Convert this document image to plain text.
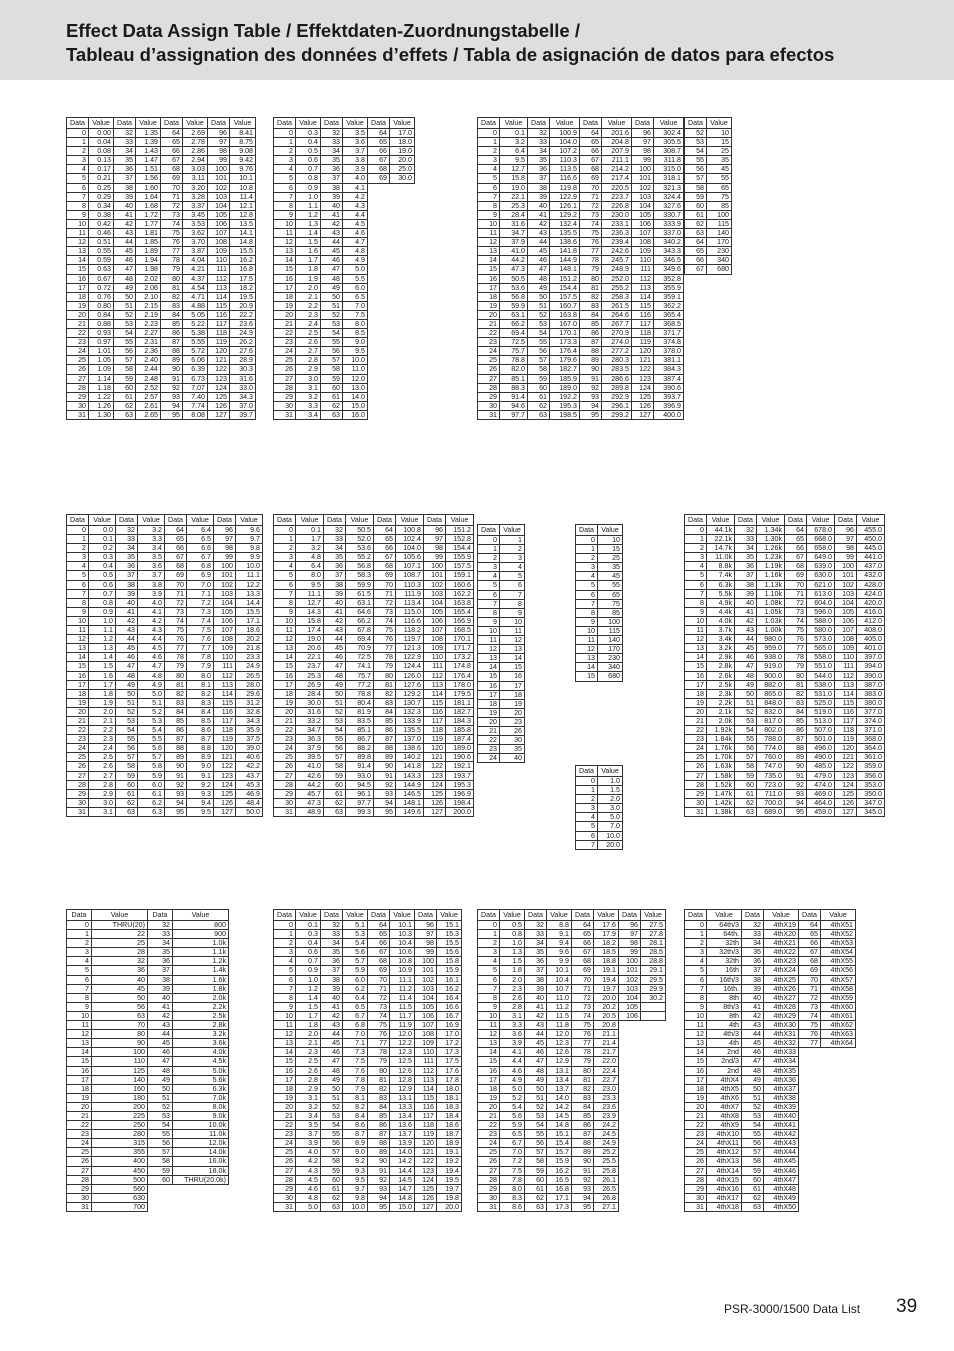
Effect Data Assign Table / Effektdaten-Zuordnungstabelle /
Tableau d’assignation des données d’effets / Tabla de asignación de datos para efectos
Data	Value	Data	Value	Data	Value	Data	Value
0	0.00	32	1.35	64	2.69	96	8.41
1	0.04	33	1.39	65	2.78	97	8.75
2	0.08	34	1.43	66	2.86	98	9.08
3	0.13	35	1.47	67	2.94	99	9.42
4	0.17	36	1.51	68	3.03	100	9.76
5	0.21	37	1.56	69	3.11	101	10.1
6	0.25	38	1.60	70	3.20	102	10.8
7	0.29	39	1.64	71	3.28	103	11.4
8	0.34	40	1.68	72	3.37	104	12.1
9	0.38	41	1.72	73	3.45	105	12.8
10	0.42	42	1.77	74	3.53	106	13.5
11	0.46	43	1.81	75	3.62	107	14.1
12	0.51	44	1.85	76	3.70	108	14.8
13	0.55	45	1.89	77	3.87	109	15.5
14	0.59	46	1.94	78	4.04	110	16.2
15	0.63	47	1.98	79	4.21	111	16.8
16	0.67	48	2.02	80	4.37	112	17.5
17	0.72	49	2.06	81	4.54	113	18.2
18	0.76	50	2.10	82	4.71	114	19.5
19	0.80	51	2.15	83	4.88	115	20.9
20	0.84	52	2.19	84	5.05	116	22.2
21	0.88	53	2.23	85	5.22	117	23.6
22	0.93	54	2.27	86	5.38	118	24.9
23	0.97	55	2.31	87	5.55	119	26.2
24	1.01	56	2.36	88	5.72	120	27.6
25	1.05	57	2.40	89	6.06	121	28.9
26	1.09	58	2.44	90	6.39	122	30.3
27	1.14	59	2.48	91	6.73	123	31.6
28	1.18	60	2.52	92	7.07	124	33.0
29	1.22	61	2.57	93	7.40	125	34.3
30	1.26	62	2.61	94	7.74	126	37.0
31	1.30	63	2.65	95	8.08	127	39.7
Data	Value	Data	Value	Data	Value
0	0.3	32	3.5	64	17.0
1	0.4	33	3.6	65	18.0
2	0.5	34	3.7	66	19.0
3	0.6	35	3.8	67	20.0
4	0.7	36	3.9	68	25.0
5	0.8	37	4.0	69	30.0
6	0.9	38	4.1		
7	1.0	39	4.2		
8	1.1	40	4.3		
9	1.2	41	4.4		
10	1.3	42	4.5		
11	1.4	43	4.6		
12	1.5	44	4.7		
13	1.6	45	4.8		
14	1.7	46	4.9		
15	1.8	47	5.0		
16	1.9	48	5.5		
17	2.0	49	6.0		
18	2.1	50	6.5		
19	2.2	51	7.0		
20	2.3	52	7.5		
21	2.4	53	8.0		
22	2.5	54	8.5		
23	2.6	55	9.0		
24	2.7	56	9.5		
25	2.8	57	10.0		
26	2.9	58	11.0		
27	3.0	59	12.0		
28	3.1	60	13.0		
29	3.2	61	14.0		
30	3.3	62	15.0		
31	3.4	63	16.0		
Data	Value	Data	Value	Data	Value	Data	Value
0	0.1	32	100.9	64	201.6	96	302.4
1	3.2	33	104.0	65	204.8	97	305.5
2	6.4	34	107.2	66	207.9	98	308.7
3	9.5	35	110.3	67	211.1	99	311.8
4	12.7	36	113.5	68	214.2	100	315.0
5	15.8	37	116.6	69	217.4	101	318.1
6	19.0	38	119.8	70	220.5	102	321.3
7	22.1	39	122.9	71	223.7	103	324.4
8	25.3	40	126.1	72	226.8	104	327.6
9	28.4	41	129.2	73	230.0	105	330.7
10	31.6	42	132.4	74	233.1	106	333.9
11	34.7	43	135.5	75	236.3	107	337.0
12	37.9	44	138.6	76	239.4	108	340.2
13	41.0	45	141.8	77	242.6	109	343.3
14	44.2	46	144.9	78	245.7	110	346.5
15	47.3	47	148.1	79	248.9	111	349.6
16	50.5	48	151.2	80	252.0	112	352.8
17	53.6	49	154.4	81	255.2	113	355.9
18	56.8	50	157.5	82	258.3	114	359.1
19	59.9	51	160.7	83	261.5	115	362.2
20	63.1	52	163.8	84	264.6	116	365.4
21	66.2	53	167.0	85	267.7	117	368.5
22	69.4	54	170.1	86	270.9	118	371.7
23	72.5	55	173.3	87	274.0	119	374.8
24	75.7	56	176.4	88	277.2	120	378.0
25	78.8	57	179.6	89	280.3	121	381.1
26	82.0	58	182.7	90	283.5	122	384.3
27	85.1	59	185.9	91	286.6	123	387.4
28	88.3	60	189.0	92	289.8	124	390.6
29	91.4	61	192.2	93	292.9	125	393.7
30	94.6	62	195.3	94	296.1	126	396.9
31	97.7	63	198.5	95	299.2	127	400.0
Data	Value
52	10
53	15
54	25
55	35
56	45
57	55
58	65
59	75
60	85
61	100
62	115
63	140
64	170
65	230
66	340
67	680
Data	Value	Data	Value	Data	Value	Data	Value
0	0.0	32	3.2	64	6.4	96	9.6
1	0.1	33	3.3	65	6.5	97	9.7
2	0.2	34	3.4	66	6.6	98	9.8
3	0.3	35	3.5	67	6.7	99	9.9
4	0.4	36	3.6	68	6.8	100	10.0
5	0.5	37	3.7	69	6.9	101	11.1
6	0.6	38	3.8	70	7.0	102	12.2
7	0.7	39	3.9	71	7.1	103	13.3
8	0.8	40	4.0	72	7.2	104	14.4
9	0.9	41	4.1	73	7.3	105	15.5
10	1.0	42	4.2	74	7.4	106	17.1
11	1.1	43	4.3	75	7.5	107	18.6
12	1.2	44	4.4	76	7.6	108	20.2
13	1.3	45	4.5	77	7.7	109	21.8
14	1.4	46	4.6	78	7.8	110	23.3
15	1.5	47	4.7	79	7.9	111	24.9
16	1.6	48	4.8	80	8.0	112	26.5
17	1.7	49	4.9	81	8.1	113	28.0
18	1.8	50	5.0	82	8.2	114	29.6
19	1.9	51	5.1	83	8.3	115	31.2
20	2.0	52	5.2	84	8.4	116	32.8
21	2.1	53	5.3	85	8.5	117	34.3
22	2.2	54	5.4	86	8.6	118	35.9
23	2.3	55	5.5	87	8.7	119	37.5
24	2.4	56	5.6	88	8.8	120	39.0
25	2.5	57	5.7	89	8.9	121	40.6
26	2.6	58	5.8	90	9.0	122	42.2
27	2.7	59	5.9	91	9.1	123	43.7
28	2.8	60	6.0	92	9.2	124	45.3
29	2.9	61	6.1	93	9.3	125	46.9
30	3.0	62	6.2	94	9.4	126	48.4
31	3.1	63	6.3	95	9.5	127	50.0
Data	Value	Data	Value	Data	Value	Data	Value
0	0.1	32	50.5	64	100.8	96	151.2
1	1.7	33	52.0	65	102.4	97	152.8
2	3.2	34	53.6	66	104.0	98	154.4
3	4.8	35	55.2	67	105.6	99	155.9
4	6.4	36	56.8	68	107.1	100	157.5
5	8.0	37	58.3	69	108.7	101	159.1
6	9.5	38	59.9	70	110.3	102	160.6
7	11.1	39	61.5	71	111.9	103	162.2
8	12.7	40	63.1	72	113.4	104	163.8
9	14.3	41	64.6	73	115.0	105	165.4
10	15.8	42	66.2	74	116.6	106	166.9
11	17.4	43	67.8	75	118.2	107	168.5
12	19.0	44	69.4	76	119.7	108	170.1
13	20.6	45	70.9	77	121.3	109	171.7
14	22.1	46	72.5	78	122.9	110	173.2
15	23.7	47	74.1	79	124.4	111	174.8
16	25.3	48	75.7	80	126.0	112	176.4
17	26.9	49	77.2	81	127.6	113	178.0
18	28.4	50	78.8	82	129.2	114	179.5
19	30.0	51	80.4	83	130.7	115	181.1
20	31.6	52	81.9	84	132.3	116	182.7
21	33.2	53	83.5	85	133.9	117	184.3
22	34.7	54	85.1	86	135.5	118	185.8
23	36.3	55	86.7	87	137.0	119	187.4
24	37.9	56	88.2	88	138.6	120	189.0
25	39.5	57	89.8	89	140.2	121	190.6
26	41.0	58	91.4	90	141.8	122	192.1
27	42.6	59	93.0	91	143.3	123	193.7
28	44.2	60	94.5	92	144.9	124	195.3
29	45.7	61	96.1	93	146.5	125	196.9
30	47.3	62	97.7	94	148.1	126	198.4
31	48.9	63	99.3	95	149.6	127	200.0
Data	Value
0	1
1	2
2	3
3	4
4	5
5	6
6	7
7	8
8	9
9	10
10	11
11	12
12	13
13	14
14	15
15	16
16	17
17	18
18	19
19	20
20	23
21	26
22	30
23	35
24	40
Data	Value
0	10
1	15
2	25
3	35
4	45
5	55
6	65
7	75
8	85
9	100
10	115
11	140
12	170
13	230
14	340
15	680
Data	Value
0	1.0
1	1.5
2	2.0
3	3.0
4	5.0
5	7.0
6	10.0
7	20.0
Data	Value	Data	Value	Data	Value	Data	Value
0	44.1k	32	1.34k	64	678.0	96	455.0
1	22.1k	33	1.30k	65	668.0	97	450.0
2	14.7k	34	1.26k	66	658.0	98	445.0
3	11.0k	35	1.23k	67	649.0	99	441.0
4	8.8k	36	1.19k	68	639.0	100	437.0
5	7.4k	37	1.16k	69	630.0	101	432.0
6	6.3k	38	1.13k	70	621.0	102	428.0
7	5.5k	39	1.10k	71	613.0	103	424.0
8	4.9k	40	1.08k	72	604.0	104	420.0
9	4.4k	41	1.05k	73	596.0	105	416.0
10	4.0k	42	1.03k	74	588.0	106	412.0
11	3.7k	43	1.00k	75	580.0	107	408.0
12	3.4k	44	980.0	76	573.0	108	405.0
13	3.2k	45	959.0	77	565.0	109	401.0
14	2.9k	46	938.0	78	558.0	110	397.0
15	2.8k	47	919.0	79	551.0	111	394.0
16	2.6k	48	900.0	80	544.0	112	390.0
17	2.5k	49	882.0	81	538.0	113	387.0
18	2.3k	50	865.0	82	531.0	114	383.0
19	2.2k	51	848.0	83	525.0	115	380.0
20	2.1k	52	832.0	84	519.0	116	377.0
21	2.0k	53	817.0	85	513.0	117	374.0
22	1.92k	54	802.0	86	507.0	118	371.0
23	1.84k	55	788.0	87	501.0	119	368.0
24	1.76k	56	774.0	88	496.0	120	364.0
25	1.70k	57	760.0	89	490.0	121	361.0
26	1.63k	58	747.0	90	485.0	122	359.0
27	1.58k	59	735.0	91	479.0	123	356.0
28	1.52k	60	723.0	92	474.0	124	353.0
29	1.47k	61	711.0	93	469.0	125	350.0
30	1.42k	62	700.0	94	464.0	126	347.0
31	1.38k	63	689.0	95	459.0	127	345.0
Data	Value	Data	Value
0	THRU(20)	32	800
1	22	33	900
2	25	34	1.0k
3	28	35	1.1k
4	32	36	1.2k
5	36	37	1.4k
6	40	38	1.6k
7	45	39	1.8k
8	50	40	2.0k
9	56	41	2.2k
10	63	42	2.5k
11	70	43	2.8k
12	80	44	3.2k
13	90	45	3.6k
14	100	46	4.0k
15	110	47	4.5k
16	125	48	5.0k
17	140	49	5.6k
18	160	50	6.3k
19	180	51	7.0k
20	200	52	8.0k
21	225	53	9.0k
22	250	54	10.0k
23	280	55	11.0k
24	315	56	12.0k
25	355	57	14.0k
26	400	58	16.0k
27	450	59	18.0k
28	500	60	THRU(20.0k)
29	560		
30	630		
31	700		
Data	Value	Data	Value	Data	Value	Data	Value
0	0.1	32	5.1	64	10.1	96	15.1
1	0.3	33	5.3	65	10.3	97	15.3
2	0.4	34	5.4	66	10.4	98	15.5
3	0.6	35	5.6	67	10.6	99	15.6
4	0.7	36	5.7	68	10.8	100	15.8
5	0.9	37	5.9	69	10.9	101	15.9
6	1.0	38	6.0	70	11.1	102	16.1
7	1.2	39	6.2	71	11.2	103	16.2
8	1.4	40	6.4	72	11.4	104	16.4
9	1.5	41	6.5	73	11.5	105	16.6
10	1.7	42	6.7	74	11.7	106	16.7
11	1.8	43	6.8	75	11.9	107	16.9
12	2.0	44	7.0	76	12.0	108	17.0
13	2.1	45	7.1	77	12.2	109	17.2
14	2.3	46	7.3	78	12.3	110	17.3
15	2.5	47	7.5	79	12.5	111	17.5
16	2.6	48	7.6	80	12.6	112	17.6
17	2.8	49	7.8	81	12.8	113	17.8
18	2.9	50	7.9	82	12.9	114	18.0
19	3.1	51	8.1	83	13.1	115	18.1
20	3.2	52	8.2	84	13.3	116	18.3
21	3.4	53	8.4	85	13.4	117	18.4
22	3.5	54	8.6	86	13.6	118	18.6
23	3.7	55	8.7	87	13.7	119	18.7
24	3.9	56	8.9	88	13.9	120	18.9
25	4.0	57	9.0	89	14.0	121	19.1
26	4.2	58	9.2	90	14.2	122	19.2
27	4.3	59	9.3	91	14.4	123	19.4
28	4.5	60	9.5	92	14.5	124	19.5
29	4.6	61	9.7	93	14.7	125	19.7
30	4.8	62	9.8	94	14.8	126	19.8
31	5.0	63	10.0	95	15.0	127	20.0
Data	Value	Data	Value	Data	Value	Data	Value
0	0.5	32	8.8	64	17.6	96	27.5
1	0.8	33	9.1	65	17.9	97	27.8
2	1.0	34	9.4	66	18.2	98	28.1
3	1.3	35	9.6	67	18.5	99	28.5
4	1.5	36	9.9	68	18.8	100	28.8
5	1.8	37	10.1	69	19.1	101	29.1
6	2.0	38	10.4	70	19.4	102	29.5
7	2.3	39	10.7	71	19.7	103	29.9
8	2.6	40	11.0	72	20.0	104	30.2
9	2.8	41	11.2	73	20.2	105	
10	3.1	42	11.5	74	20.5	106	
11	3.3	43	11.8	75	20.8		
12	3.6	44	12.0	76	21.1		
13	3.9	45	12.3	77	21.4		
14	4.1	46	12.6	78	21.7		
15	4.4	47	12.9	79	22.0		
16	4.6	48	13.1	80	22.4		
17	4.9	49	13.4	81	22.7		
18	5.0	50	13.7	82	23.0		
19	5.2	51	14.0	83	23.3		
20	5.4	52	14.2	84	23.6		
21	5.6	53	14.5	85	23.9		
22	5.9	54	14.8	86	24.2		
23	6.5	55	15.1	87	24.5		
24	6.7	56	15.4	88	24.9		
25	7.0	57	15.7	89	25.2		
26	7.2	58	15.9	90	25.5		
27	7.5	59	16.2	91	25.8		
28	7.8	60	16.5	92	26.1		
29	8.0	61	16.8	93	26.5		
30	8.3	62	17.1	94	26.8		
31	8.6	63	17.3	95	27.1		
Data	Value	Data	Value	Data	Value
0	64th/3	32	4thX19	64	4thX51
1	64th.	33	4thX20	65	4thX52
2	32th	34	4thX21	66	4thX53
3	32th/3	35	4thX22	67	4thX54
4	32th	36	4thX23	68	4thX55
5	16th	37	4thX24	69	4thX56
6	16th/3	38	4thX25	70	4thX57
7	16th.	39	4thX26	71	4thX58
8	8th	40	4thX27	72	4thX59
9	8th/3	41	4thX28	73	4thX60
10	8th	42	4thX29	74	4thX61
11	4th	43	4thX30	75	4thX62
12	4th/3	44	4thX31	76	4thX63
13	4th	45	4thX32	77	4thX64
14	2nd	46	4thX33		
15	2nd/3	47	4thX34		
16	2nd	48	4thX35		
17	4thX4	49	4thX36		
18	4thX5	50	4thX37		
19	4thX6	51	4thX38		
20	4thX7	52	4thX39		
21	4thX8	53	4thX40		
22	4thX9	54	4thX41		
23	4thX10	55	4thX42		
24	4thX11	56	4thX43		
25	4thX12	57	4thX44		
26	4thX13	58	4thX45		
27	4thX14	59	4thX46		
28	4thX15	60	4thX47		
29	4thX16	61	4thX48		
30	4thX17	62	4thX49		
31	4thX18	63	4thX50		
PSR-3000/1500 Data List 39
